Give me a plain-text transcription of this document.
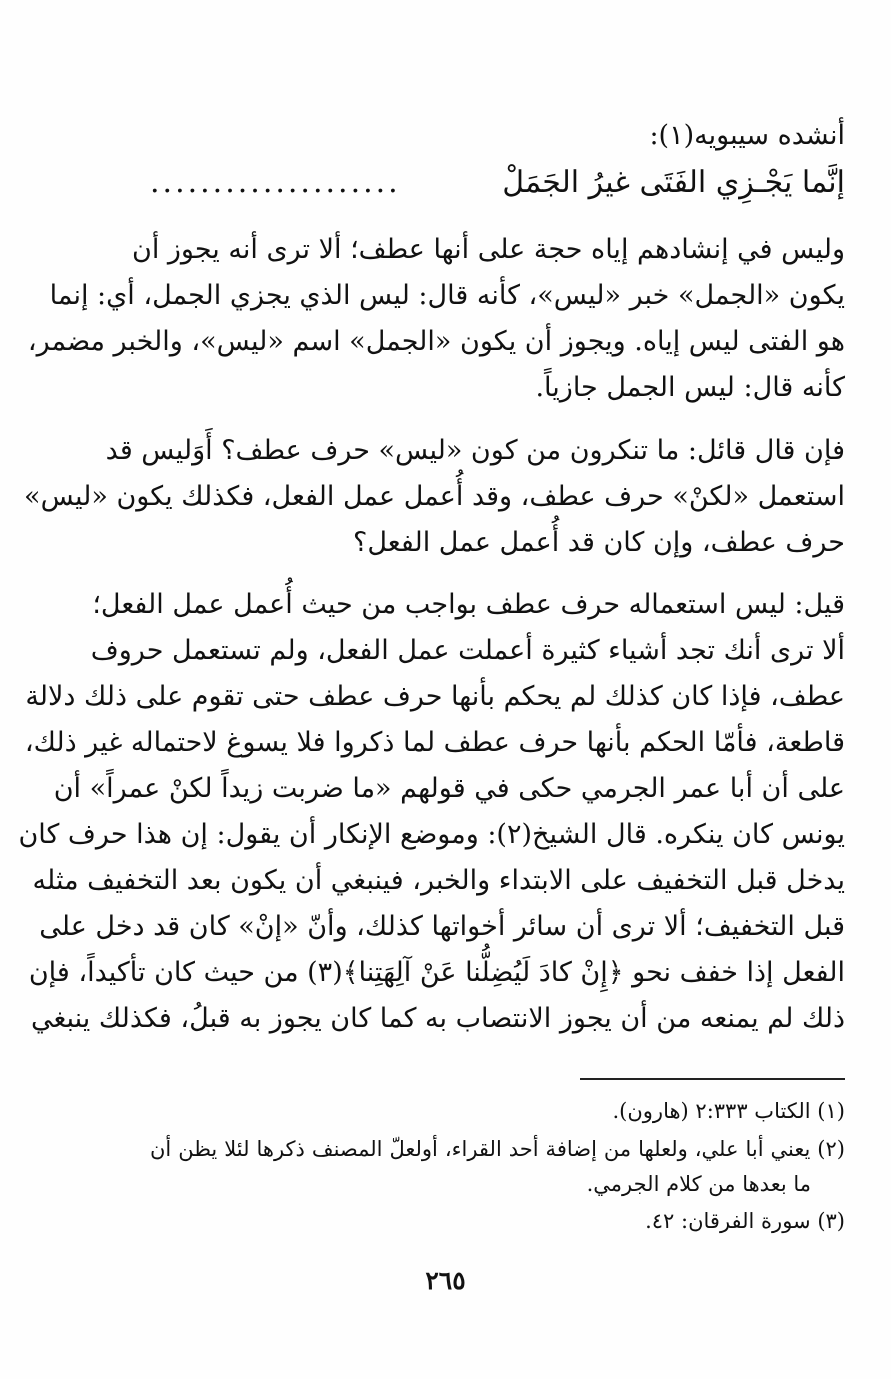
أنشده سيبويه(١):
إنَّما يَجْـزِي الفَتَى غيرُ الجَمَلْ
....................
وليس في إنشادهم إياه حجة على أنها عطف؛ ألا ترى أنه يجوز أن
يكون «الجمل» خبر «ليس»، كأنه قال: ليس الذي يجزي الجمل، أي: إنما
هو الفتى ليس إياه. ويجوز أن يكون «الجمل» اسم «ليس»، والخبر مضمر،
كأنه قال: ليس الجمل جازياً.
فإن قال قائل: ما تنكرون من كون «ليس» حرف عطف؟ أَوَليس قد
استعمل «لكنْ» حرف عطف، وقد أُعمل عمل الفعل، فكذلك يكون «ليس»
حرف عطف، وإن كان قد أُعمل عمل الفعل؟
قيل: ليس استعماله حرف عطف بواجب من حيث أُعمل عمل الفعل؛
ألا ترى أنك تجد أشياء كثيرة أعملت عمل الفعل، ولم تستعمل حروف
عطف، فإذا كان كذلك لم يحكم بأنها حرف عطف حتى تقوم على ذلك دلالة
قاطعة، فأمّا الحكم بأنها حرف عطف لما ذكروا فلا يسوغ لاحتماله غير ذلك،
على أن أبا عمر الجرمي حكى في قولهم «ما ضربت زيداً لكنْ عمراً» أن
يونس كان ينكره. قال الشيخ(٢): وموضع الإنكار أن يقول: إن هذا حرف كان
يدخل قبل التخفيف على الابتداء والخبر، فينبغي أن يكون بعد التخفيف مثله
قبل التخفيف؛ ألا ترى أن سائر أخواتها كذلك، وأنّ «إنْ» كان قد دخل على
الفعل إذا خفف نحو ﴿إِنْ كادَ لَيُضِلُّنا عَنْ آلِهَتِنا﴾(٣) من حيث كان تأكيداً، فإن
ذلك لم يمنعه من أن يجوز الانتصاب به كما كان يجوز به قبلُ، فكذلك ينبغي
(١) الكتاب ٢:٣٣٣ (هارون).
(٢) يعني أبا علي، ولعلها من إضافة أحد القراء، أولعلّ المصنف ذكرها لئلا يظن أن
ما بعدها من كلام الجرمي.
(٣) سورة الفرقان: ٤٢.
٢٦٥
